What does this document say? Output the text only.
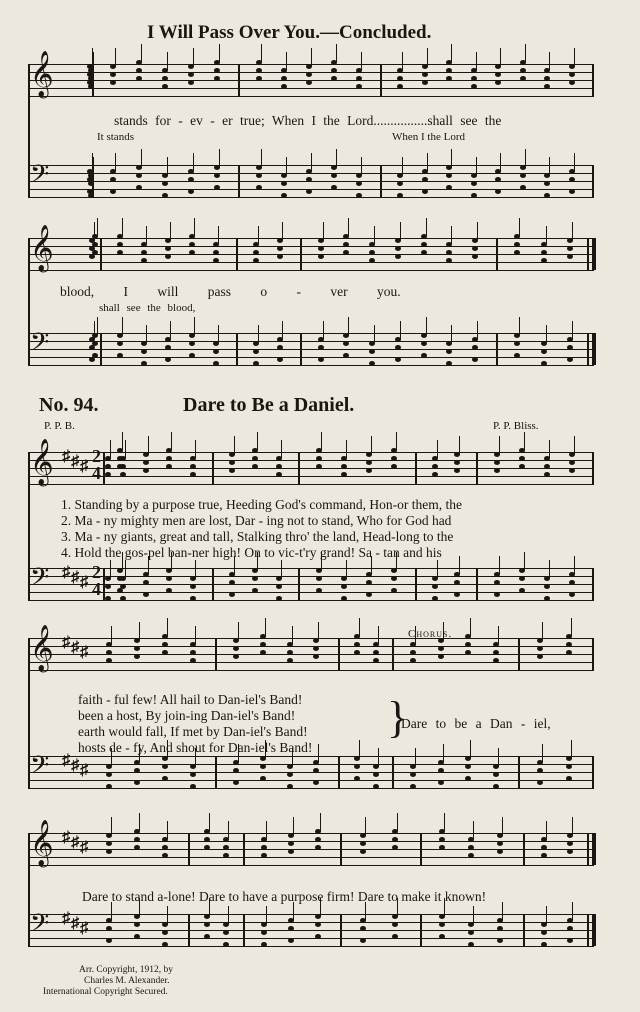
I Will Pass Over You.—Concluded.
𝄞
𝄢
𝄞
𝄢
𝄞 ♯ ♯ ♯
2
4
𝄢 ♯ ♯ ♯
2
4
𝄞 ♯ ♯ ♯
𝄢 ♯ ♯ ♯
𝄞 ♯ ♯ ♯
𝄢 ♯ ♯ ♯
stands for - ev - er true; When I the Lord................shall see the
It stands	When I the Lord
blood, I will pass o - ver you.
shall see the blood,
No. 94.	Dare to Be a Daniel.
P. P. B.	P. P. Bliss.
1. Standing by a purpose true, Heeding God's command, Hon-or them, the
2. Ma - ny mighty men are lost, Dar - ing not to stand, Who for God had
3. Ma - ny giants, great and tall, Stalking thro' the land, Head-long to the
4. Hold the gos-pel ban-ner high! On to vic-t'ry grand! Sa - tan and his
Chorus.
faith - ful few! All hail to Dan-iel's Band!
been a host, By join-ing Dan-iel's Band!
earth would fall, If met by Dan-iel's Band!
hosts de - fy, And shout for Dan-iel's Band!
}
Dare to be a Dan - iel,
Dare to stand a-lone! Dare to have a purpose firm! Dare to make it known!
Arr. Copyright, 1912, by
Charles M. Alexander.
International Copyright Secured.
